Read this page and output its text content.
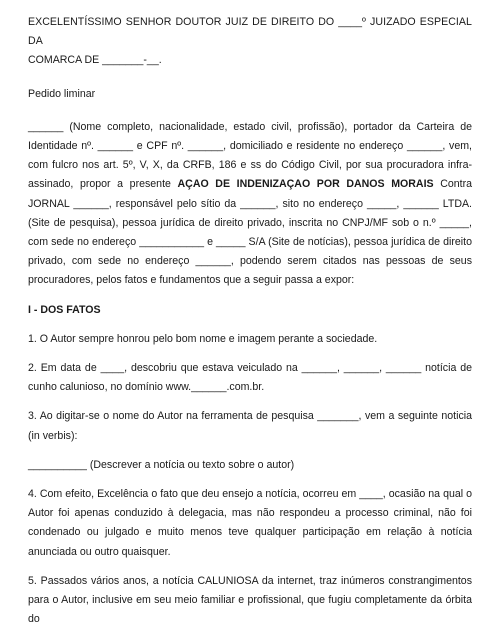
EXCELENTÍSSIMO SENHOR DOUTOR JUIZ DE DIREITO DO ____º JUIZADO ESPECIAL DA

COMARCA DE _______-__.

Pedido liminar

______ (Nome completo, nacionalidade, estado civil, profissão), portador da Carteira de Identidade nº. ______ e CPF nº. ______, domiciliado e residente no endereço ______, vem, com fulcro nos art. 5º, V, X, da CRFB, 186 e ss do Código Civil, por sua procuradora infra-assinado, propor a presente AÇAO DE INDENIZAÇAO POR DANOS MORAIS Contra JORNAL ______, responsável pelo sítio da ______, sito no endereço _____, ______ LTDA. (Site de pesquisa), pessoa jurídica de direito privado, inscrita no CNPJ/MF sob o n.º _____, com sede no endereço ___________ e _____ S/A (Site de notícias), pessoa jurídica de direito privado, com sede no endereço ______, podendo serem citados nas pessoas de seus procuradores, pelos fatos e fundamentos que a seguir passa a expor:

I - DOS FATOS

1. O Autor sempre honrou pelo bom nome e imagem perante a sociedade.

2. Em data de ____, descobriu que estava veiculado na ______, ______, ______ notícia de cunho calunioso, no domínio www.______.com.br.

3. Ao digitar-se o nome do Autor na ferramenta de pesquisa _______, vem a seguinte noticia (in verbis):

__________ (Descrever a notícia ou texto sobre o autor)

4. Com efeito, Excelência o fato que deu ensejo a notícia, ocorreu em ____, ocasião na qual o Autor foi apenas conduzido à delegacia, mas não respondeu a processo criminal, não foi condenado ou julgado e muito menos teve qualquer participação em relação à notícia anunciada ou outro quaisquer.

5. Passados vários anos, a notícia CALUNIOSA da internet, traz inúmeros constrangimentos para o Autor, inclusive em seu meio familiar e profissional, que fugiu completamente da órbita do
